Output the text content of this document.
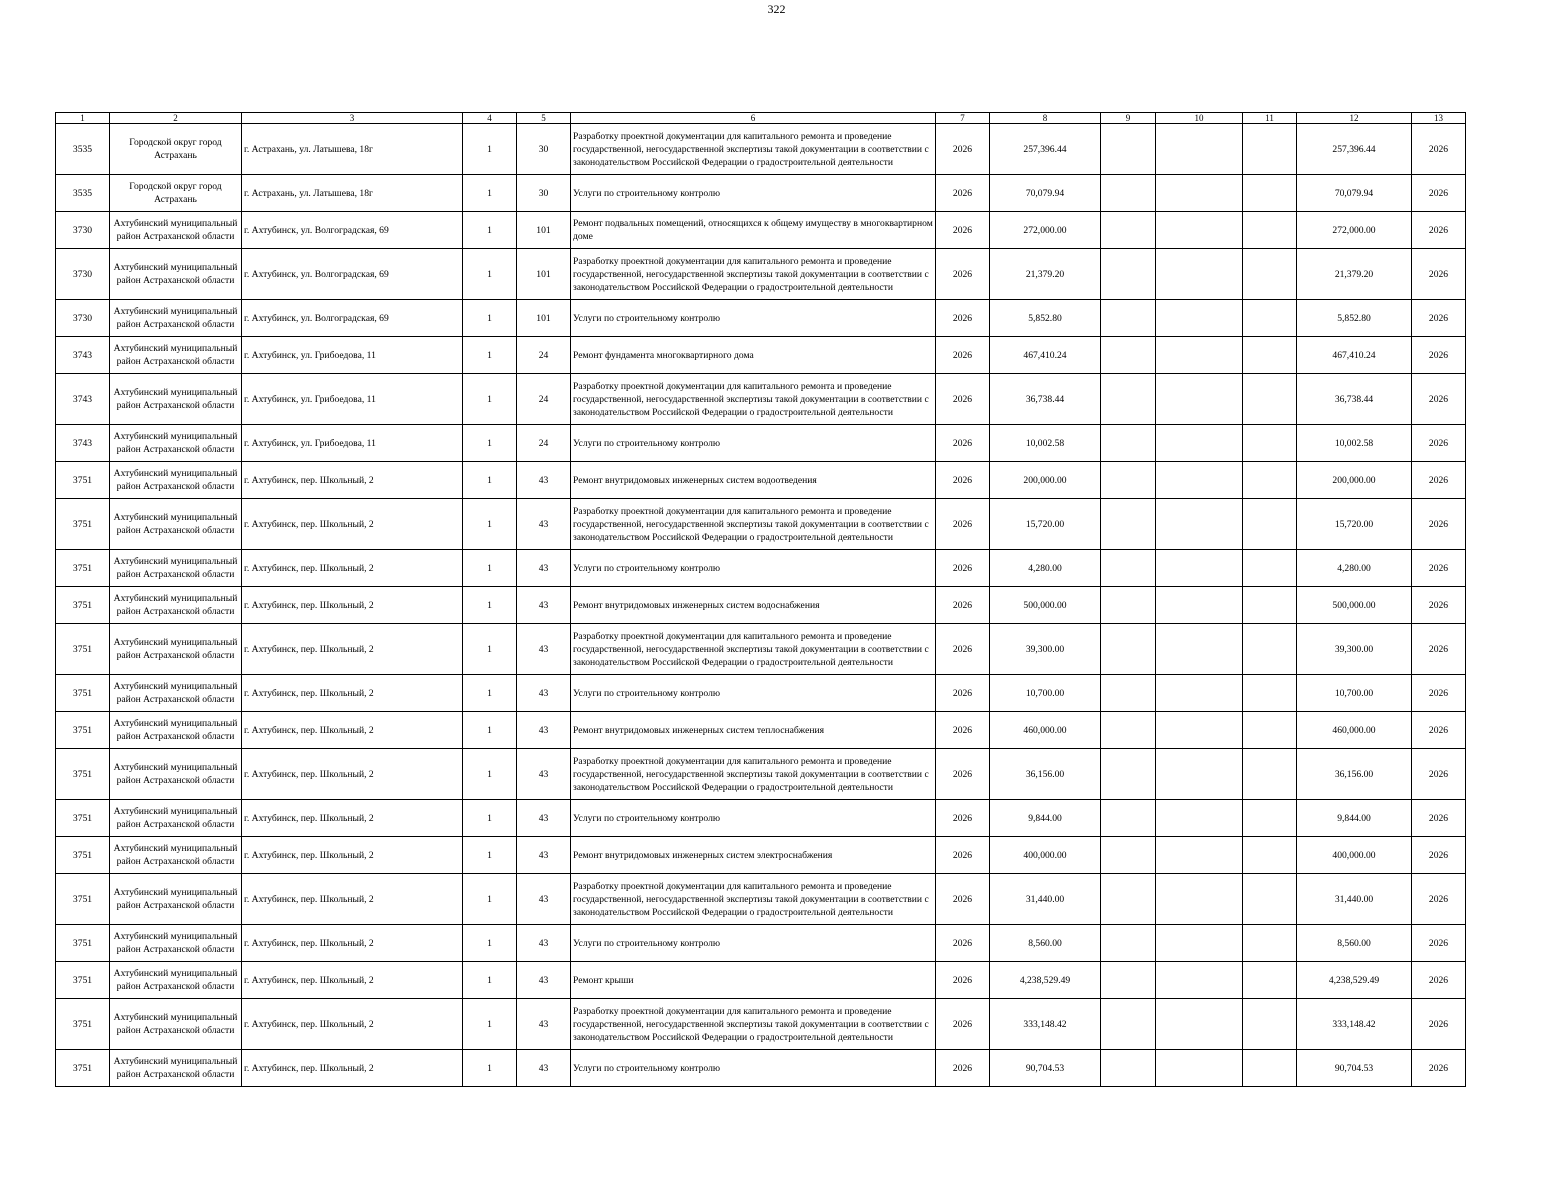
322
1	2	3	4	5	6	7	8	9	10	11	12	13
3535	Городской округ город Астрахань	г. Астрахань, ул. Латышева, 18г	1	30	Разработку проектной документации для капитального ремонта и проведение государственной, негосударственной экспертизы такой документации в соответствии с законодательством Российской Федерации о градостроительной деятельности	2026	257,396.44				257,396.44	2026
3535	Городской округ город Астрахань	г. Астрахань, ул. Латышева, 18г	1	30	Услуги по строительному контролю	2026	70,079.94				70,079.94	2026
3730	Ахтубинский муниципальный район Астраханской области	г. Ахтубинск, ул. Волгоградская, 69	1	101	Ремонт подвальных помещений, относящихся к общему имуществу в многоквартирном доме	2026	272,000.00				272,000.00	2026
3730	Ахтубинский муниципальный район Астраханской области	г. Ахтубинск, ул. Волгоградская, 69	1	101	Разработку проектной документации для капитального ремонта и проведение государственной, негосударственной экспертизы такой документации в соответствии с законодательством Российской Федерации о градостроительной деятельности	2026	21,379.20				21,379.20	2026
3730	Ахтубинский муниципальный район Астраханской области	г. Ахтубинск, ул. Волгоградская, 69	1	101	Услуги по строительному контролю	2026	5,852.80				5,852.80	2026
3743	Ахтубинский муниципальный район Астраханской области	г. Ахтубинск, ул. Грибоедова, 11	1	24	Ремонт фундамента многоквартирного дома	2026	467,410.24				467,410.24	2026
3743	Ахтубинский муниципальный район Астраханской области	г. Ахтубинск, ул. Грибоедова, 11	1	24	Разработку проектной документации для капитального ремонта и проведение государственной, негосударственной экспертизы такой документации в соответствии с законодательством Российской Федерации о градостроительной деятельности	2026	36,738.44				36,738.44	2026
3743	Ахтубинский муниципальный район Астраханской области	г. Ахтубинск, ул. Грибоедова, 11	1	24	Услуги по строительному контролю	2026	10,002.58				10,002.58	2026
3751	Ахтубинский муниципальный район Астраханской области	г. Ахтубинск, пер. Школьный, 2	1	43	Ремонт внутридомовых инженерных систем водоотведения	2026	200,000.00				200,000.00	2026
3751	Ахтубинский муниципальный район Астраханской области	г. Ахтубинск, пер. Школьный, 2	1	43	Разработку проектной документации для капитального ремонта и проведение государственной, негосударственной экспертизы такой документации в соответствии с законодательством Российской Федерации о градостроительной деятельности	2026	15,720.00				15,720.00	2026
3751	Ахтубинский муниципальный район Астраханской области	г. Ахтубинск, пер. Школьный, 2	1	43	Услуги по строительному контролю	2026	4,280.00				4,280.00	2026
3751	Ахтубинский муниципальный район Астраханской области	г. Ахтубинск, пер. Школьный, 2	1	43	Ремонт внутридомовых инженерных систем водоснабжения	2026	500,000.00				500,000.00	2026
3751	Ахтубинский муниципальный район Астраханской области	г. Ахтубинск, пер. Школьный, 2	1	43	Разработку проектной документации для капитального ремонта и проведение государственной, негосударственной экспертизы такой документации в соответствии с законодательством Российской Федерации о градостроительной деятельности	2026	39,300.00				39,300.00	2026
3751	Ахтубинский муниципальный район Астраханской области	г. Ахтубинск, пер. Школьный, 2	1	43	Услуги по строительному контролю	2026	10,700.00				10,700.00	2026
3751	Ахтубинский муниципальный район Астраханской области	г. Ахтубинск, пер. Школьный, 2	1	43	Ремонт внутридомовых инженерных систем теплоснабжения	2026	460,000.00				460,000.00	2026
3751	Ахтубинский муниципальный район Астраханской области	г. Ахтубинск, пер. Школьный, 2	1	43	Разработку проектной документации для капитального ремонта и проведение государственной, негосударственной экспертизы такой документации в соответствии с законодательством Российской Федерации о градостроительной деятельности	2026	36,156.00				36,156.00	2026
3751	Ахтубинский муниципальный район Астраханской области	г. Ахтубинск, пер. Школьный, 2	1	43	Услуги по строительному контролю	2026	9,844.00				9,844.00	2026
3751	Ахтубинский муниципальный район Астраханской области	г. Ахтубинск, пер. Школьный, 2	1	43	Ремонт внутридомовых инженерных систем электроснабжения	2026	400,000.00				400,000.00	2026
3751	Ахтубинский муниципальный район Астраханской области	г. Ахтубинск, пер. Школьный, 2	1	43	Разработку проектной документации для капитального ремонта и проведение государственной, негосударственной экспертизы такой документации в соответствии с законодательством Российской Федерации о градостроительной деятельности	2026	31,440.00				31,440.00	2026
3751	Ахтубинский муниципальный район Астраханской области	г. Ахтубинск, пер. Школьный, 2	1	43	Услуги по строительному контролю	2026	8,560.00				8,560.00	2026
3751	Ахтубинский муниципальный район Астраханской области	г. Ахтубинск, пер. Школьный, 2	1	43	Ремонт крыши	2026	4,238,529.49				4,238,529.49	2026
3751	Ахтубинский муниципальный район Астраханской области	г. Ахтубинск, пер. Школьный, 2	1	43	Разработку проектной документации для капитального ремонта и проведение государственной, негосударственной экспертизы такой документации в соответствии с законодательством Российской Федерации о градостроительной деятельности	2026	333,148.42				333,148.42	2026
3751	Ахтубинский муниципальный район Астраханской области	г. Ахтубинск, пер. Школьный, 2	1	43	Услуги по строительному контролю	2026	90,704.53				90,704.53	2026
